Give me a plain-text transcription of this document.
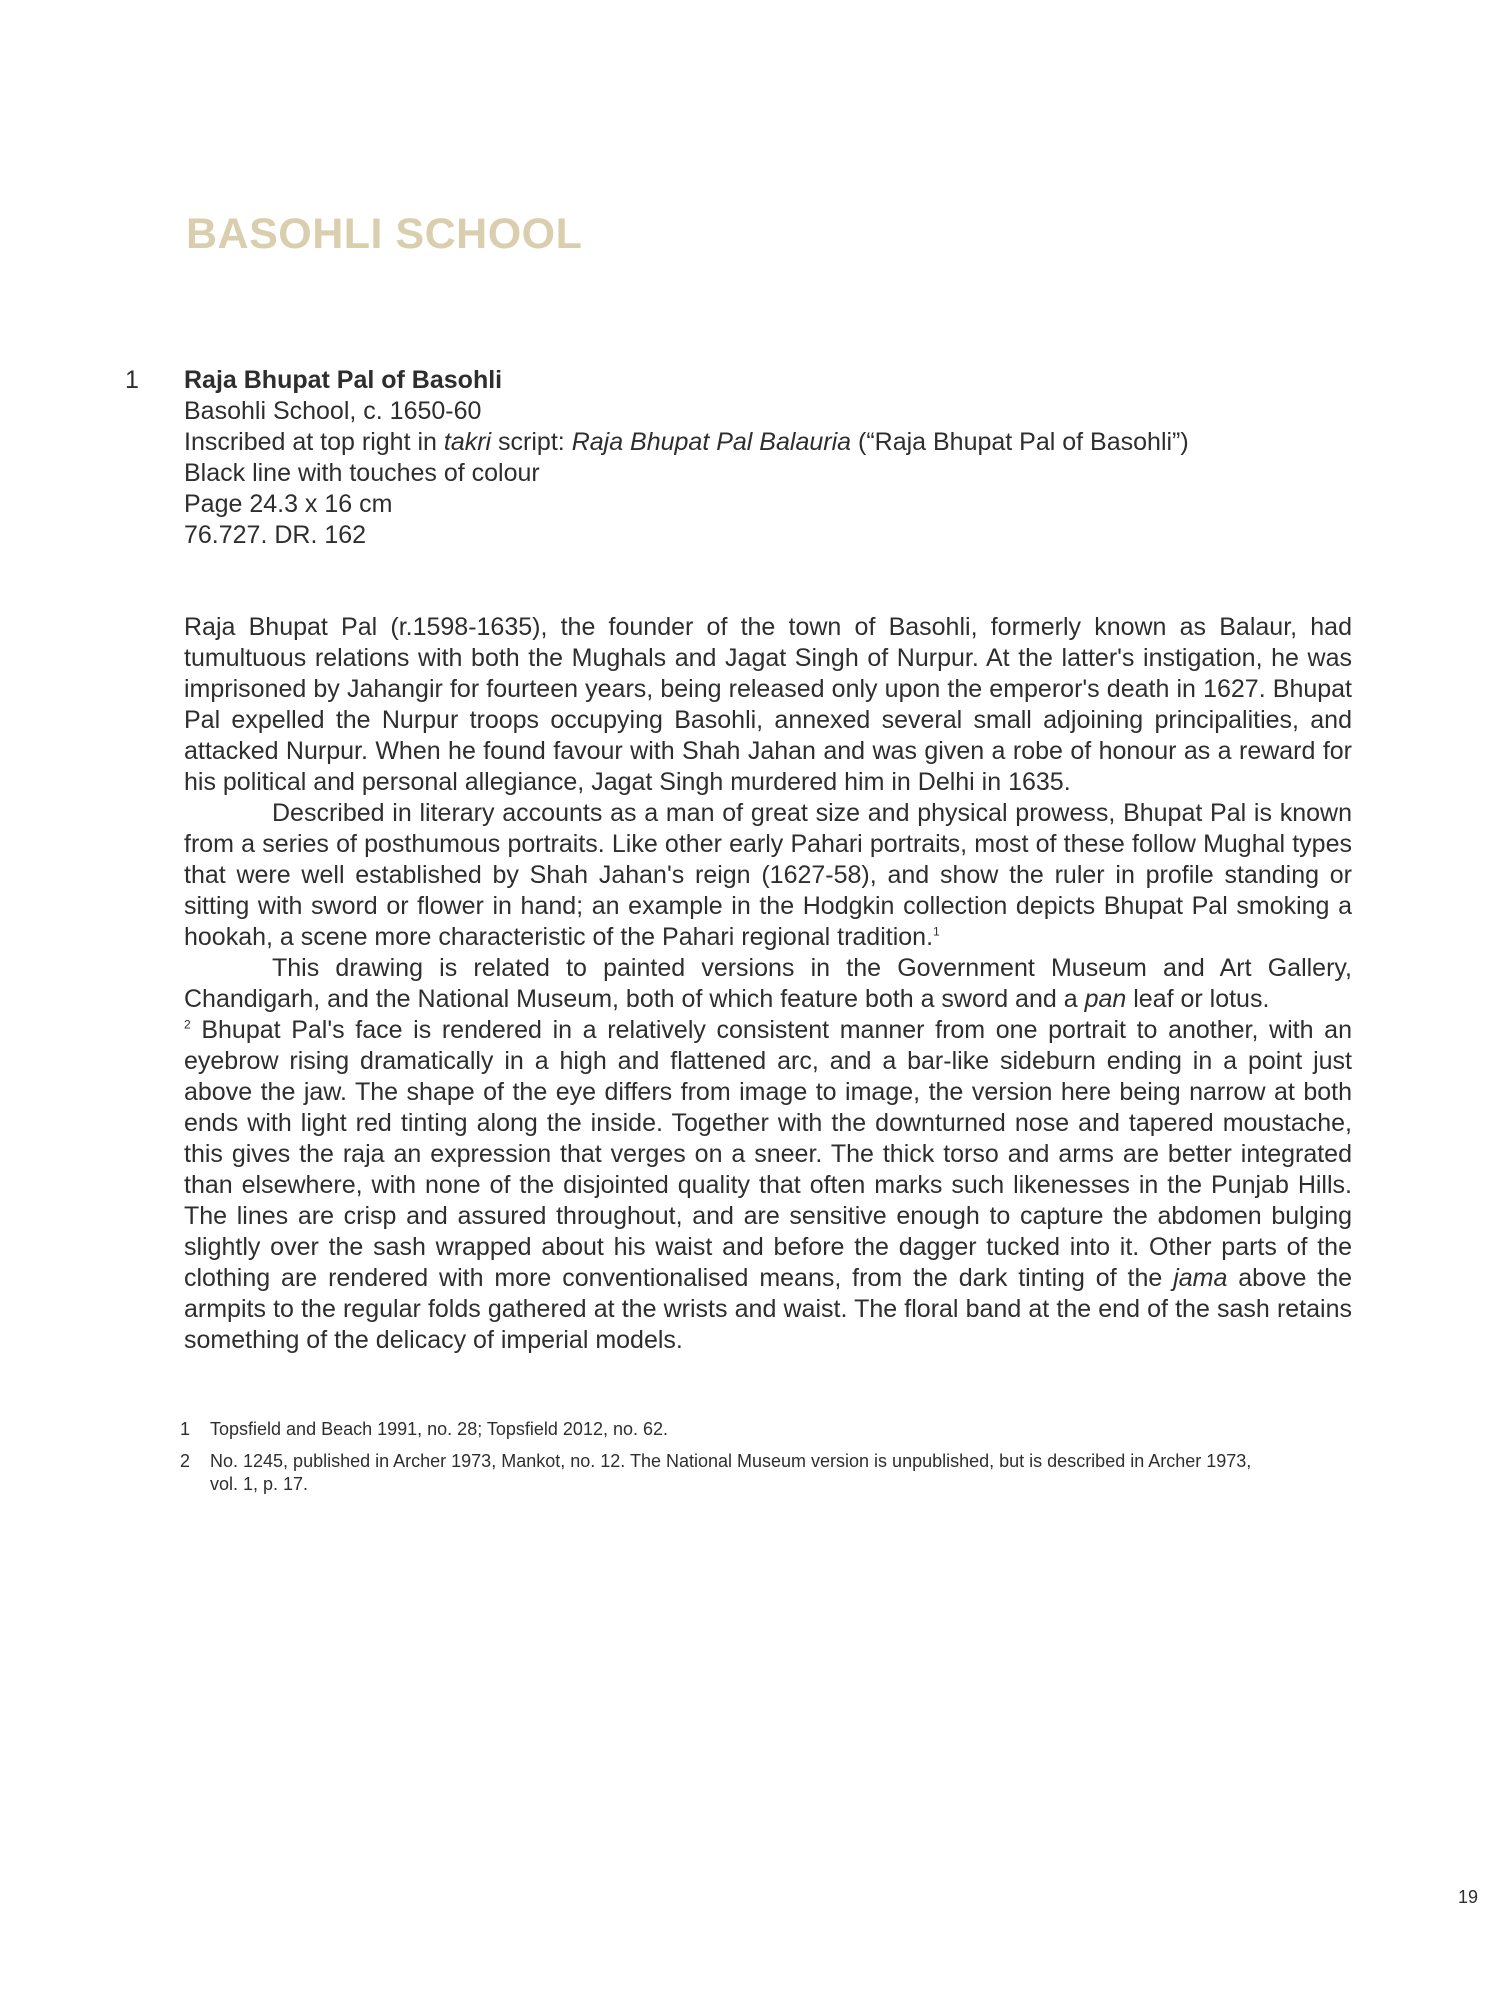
BASOHLI SCHOOL
1 Raja Bhupat Pal of Basohli
Basohli School, c. 1650-60
Inscribed at top right in takri script: Raja Bhupat Pal Balauria (“Raja Bhupat Pal of Basohli”)
Black line with touches of colour
Page 24.3 x 16 cm
76.727. DR. 162

Raja Bhupat Pal (r.1598-1635), the founder of the town of Basohli, formerly known as Balaur, had tumultuous relations with both the Mughals and Jagat Singh of Nurpur. At the latter's instigation, he was imprisoned by Jahangir for fourteen years, being released only upon the emperor's death in 1627. Bhupat Pal expelled the Nurpur troops occupying Basohli, annexed several small adjoining principalities, and attacked Nurpur. When he found favour with Shah Jahan and was given a robe of honour as a reward for his political and personal allegiance, Jagat Singh murdered him in Delhi in 1635.

Described in literary accounts as a man of great size and physical prowess, Bhupat Pal is known from a series of posthumous portraits. Like other early Pahari portraits, most of these follow Mughal types that were well established by Shah Jahan's reign (1627-58), and show the ruler in profile standing or sitting with sword or flower in hand; an example in the Hodgkin collection depicts Bhupat Pal smoking a hookah, a scene more characteristic of the Pahari regional tradition.$^1$

This drawing is related to painted versions in the Government Museum and Art Gallery, Chandigarh, and the National Museum, both of which feature both a sword and a pan leaf or lotus.
$^2$ Bhupat Pal's face is rendered in a relatively consistent manner from one portrait to another, with an eyebrow rising dramatically in a high and flattened arc, and a bar-like sideburn ending in a point just above the jaw. The shape of the eye differs from image to image, the version here being narrow at both ends with light red tinting along the inside. Together with the downturned nose and tapered moustache, this gives the raja an expression that verges on a sneer. The thick torso and arms are better integrated than elsewhere, with none of the disjointed quality that often marks such likenesses in the Punjab Hills. The lines are crisp and assured throughout, and are sensitive enough to capture the abdomen bulging slightly over the sash wrapped about his waist and before the dagger tucked into it. Other parts of the clothing are rendered with more conventionalised means, from the dark tinting of the jama above the armpits to the regular folds gathered at the wrists and waist. The floral band at the end of the sash retains something of the delicacy of imperial models.

1	Topsfield and Beach 1991, no. 28; Topsfield 2012, no. 62.
2	No. 1245, published in Archer 1973, Mankot, no. 12. The National Museum version is unpublished, but is described in Archer 1973, vol. 1, p. 17.
19
